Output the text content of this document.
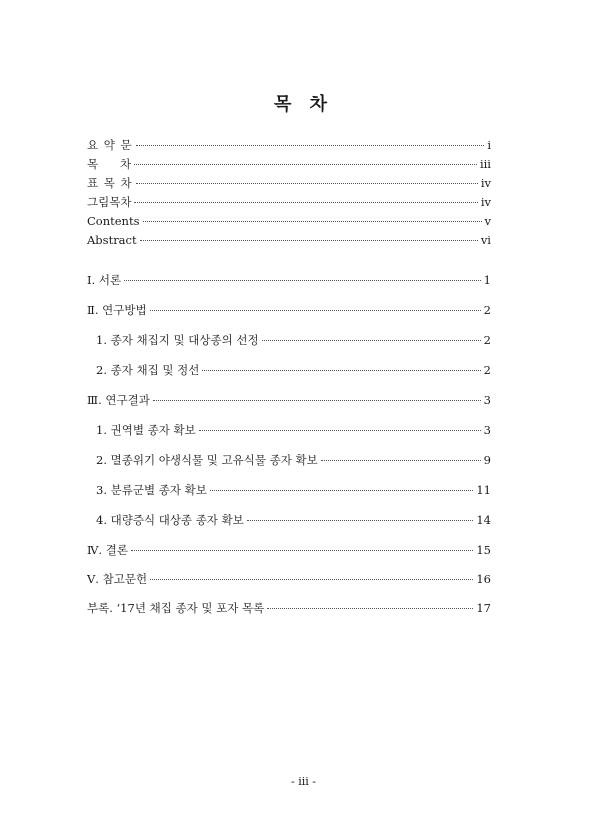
목 차
요 약 문	i
목      차	iii
표 목 차	iv
그림목차	iv
Contents	v
Abstract	vi
Ⅰ. 서론	1
Ⅱ. 연구방법	2
1. 종자 채집지 및 대상종의 선정	2
2. 종자 채집 및 정선	2
Ⅲ. 연구결과	3
1. 권역별 종자 확보	3
2. 멸종위기 야생식물 및 고유식물 종자 확보	9
3. 분류군별 종자 확보	11
4. 대량증식 대상종 종자 확보	14
Ⅳ. 결론	15
Ⅴ. 참고문헌	16
부록. ‘17년 채집 종자 및 포자 목록	17
- iii -
